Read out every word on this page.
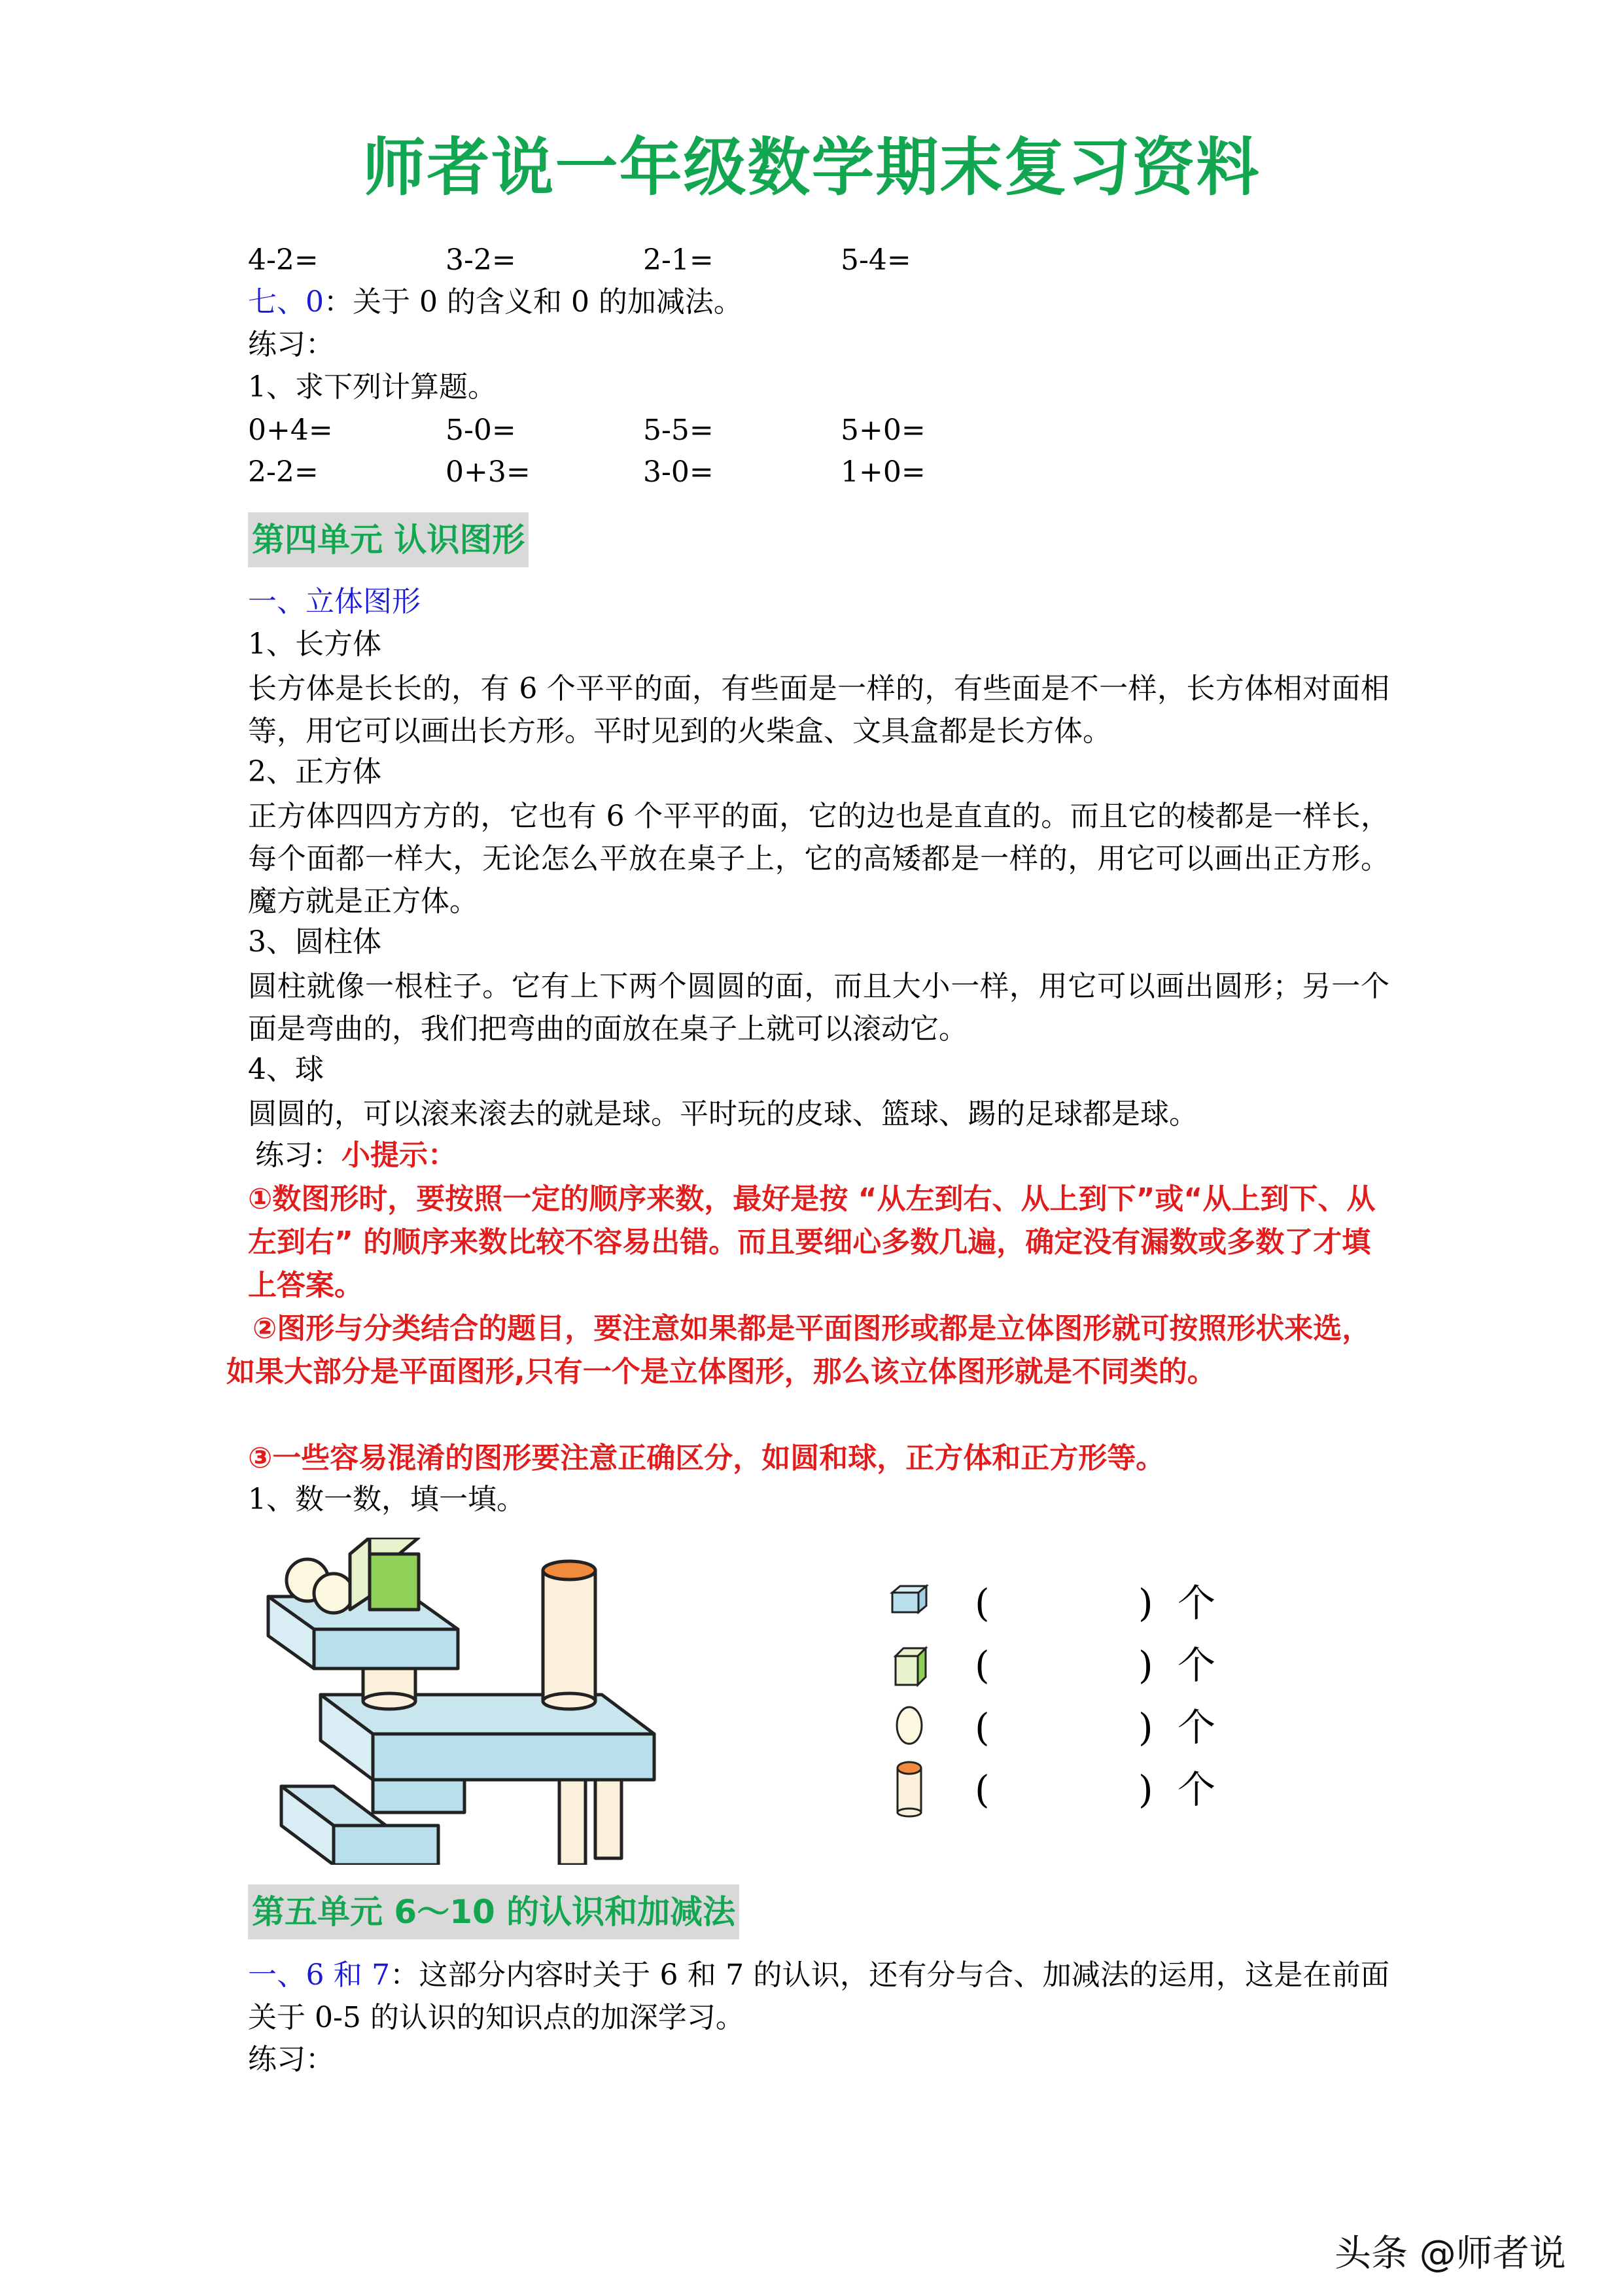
师者说一年级数学期末复习资料
4-2=	3-2=	2-1=	5-4=
七、0：关于 0 的含义和 0 的加减法。
练习：
1、求下列计算题。
0+4=	5-0=	5-5=	5+0=
2-2=	0+3=	3-0=	1+0=
第四单元 认识图形
一、立体图形
1、长方体
长方体是长长的，有 6 个平平的面，有些面是一样的，有些面是不一样，长方体相对面相等，用它可以画出长方形。平时见到的火柴盒、文具盒都是长方体。
2、正方体
正方体四四方方的，它也有 6 个平平的面，它的边也是直直的。而且它的棱都是一样长，每个面都一样大，无论怎么平放在桌子上，它的高矮都是一样的，用它可以画出正方形。魔方就是正方体。
3、圆柱体
圆柱就像一根柱子。它有上下两个圆圆的面，而且大小一样，用它可以画出圆形；另一个面是弯曲的，我们把弯曲的面放在桌子上就可以滚动它。
4、球
圆圆的，可以滚来滚去的就是球。平时玩的皮球、篮球、踢的足球都是球。
练习：小提示：
①数图形时，要按照一定的顺序来数，最好是按 “从左到右、从上到下”或“从上到下、从左到右” 的顺序来数比较不容易出错。而且要细心多数几遍，确定没有漏数或多数了才填上答案。
②图形与分类结合的题目，要注意如果都是平面图形或都是立体图形就可按照形状来选，如果大部分是平面图形,只有一个是立体图形，那么该立体图形就是不同类的。
③一些容易混淆的图形要注意正确区分，如圆和球，正方体和正方形等。
1、数一数，填一填。
(	) 个
(	) 个
(	) 个
(	) 个
第五单元 6～10 的认识和加减法
一、6 和 7：这部分内容时关于 6 和 7 的认识，还有分与合、加减法的运用，这是在前面关于 0-5 的认识的知识点的加深学习。
练习：
头条 @师者说
